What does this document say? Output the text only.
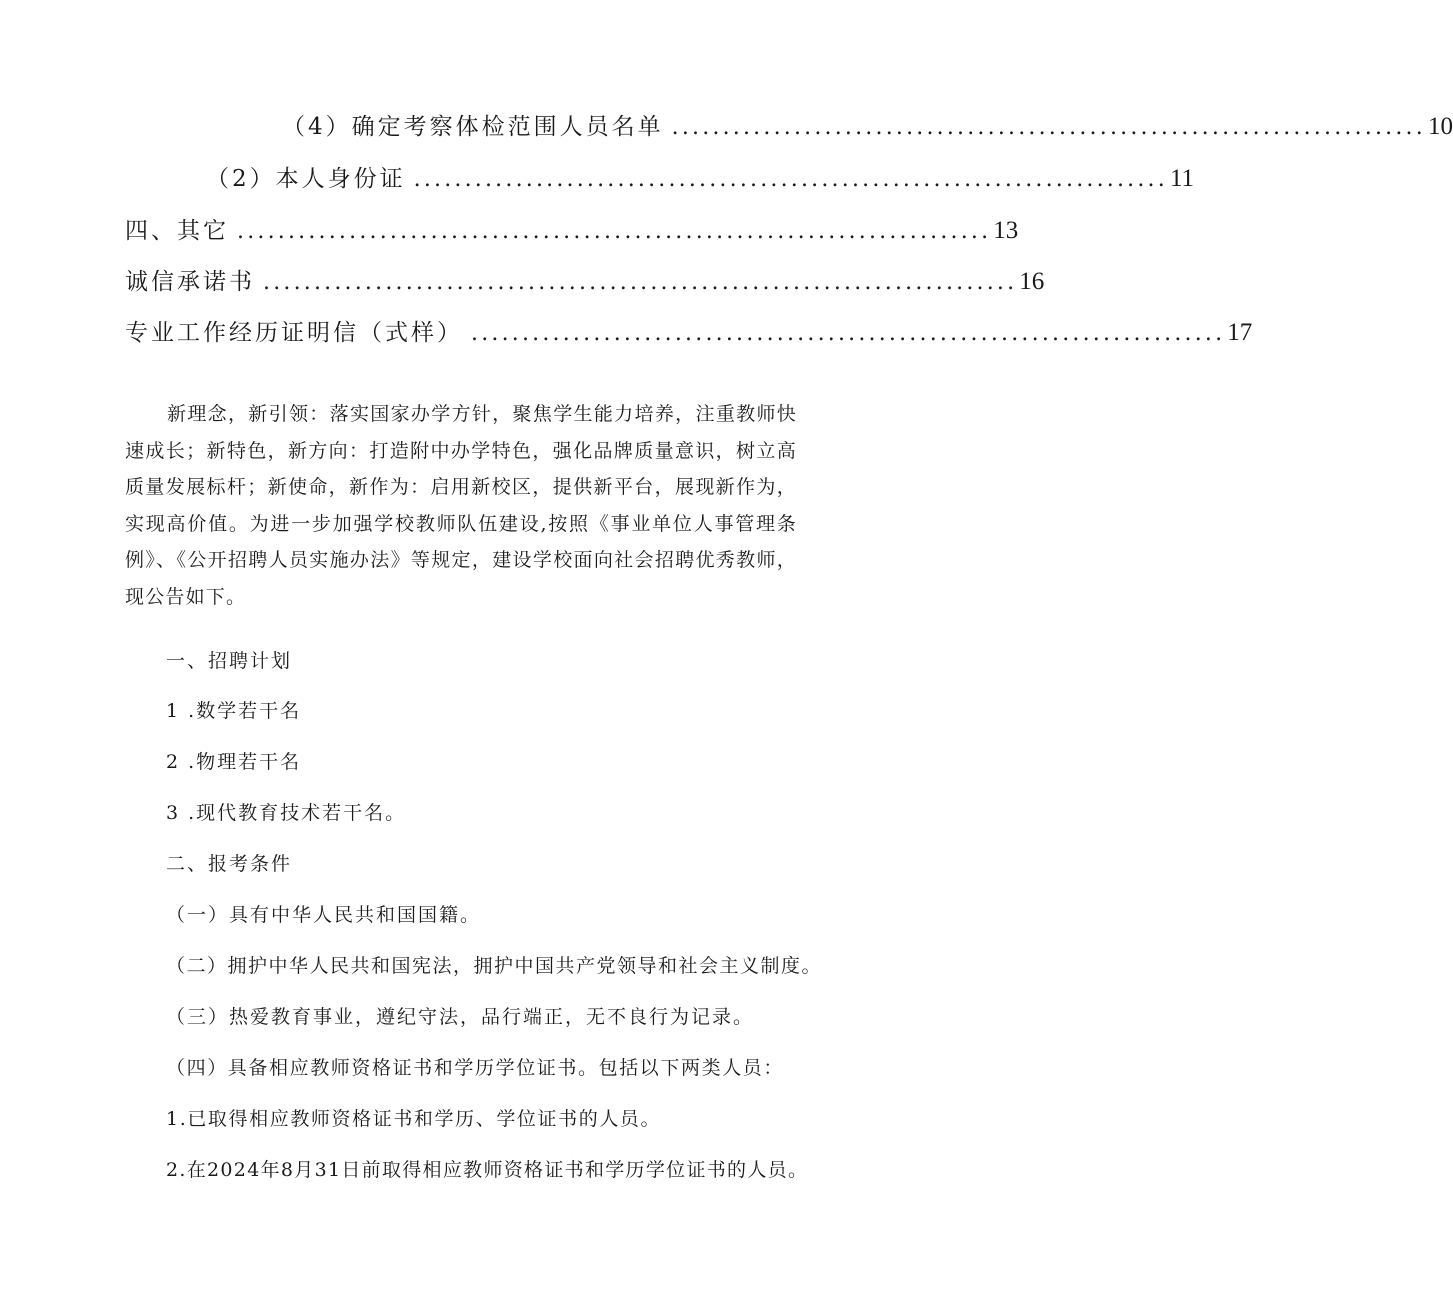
（4）确定考察体检范围人员名单 .......................................................................... 10
（2）本人身份证 .......................................................................... 11
四、其它 .......................................................................... 13
诚信承诺书 .......................................................................... 16
专业工作经历证明信（式样） .......................................................................... 17

新理念，新引领：落实国家办学方针，聚焦学生能力培养，注重教师快速成长；新特色，新方向：打造附中办学特色，强化品牌质量意识，树立高质量发展标杆；新使命，新作为：启用新校区，提供新平台，展现新作为，实现高价值。为进一步加强学校教师队伍建设,按照《事业单位人事管理条例》、《公开招聘人员实施办法》等规定，建设学校面向社会招聘优秀教师，现公告如下。

一、招聘计划

1 .数学若干名

2 .物理若干名

3 .现代教育技术若干名。

二、报考条件

（一）具有中华人民共和国国籍。

（二）拥护中华人民共和国宪法，拥护中国共产党领导和社会主义制度。

（三）热爱教育事业，遵纪守法，品行端正，无不良行为记录。

（四）具备相应教师资格证书和学历学位证书。包括以下两类人员：

1.已取得相应教师资格证书和学历、学位证书的人员。

2.在2024年8月31日前取得相应教师资格证书和学历学位证书的人员。
